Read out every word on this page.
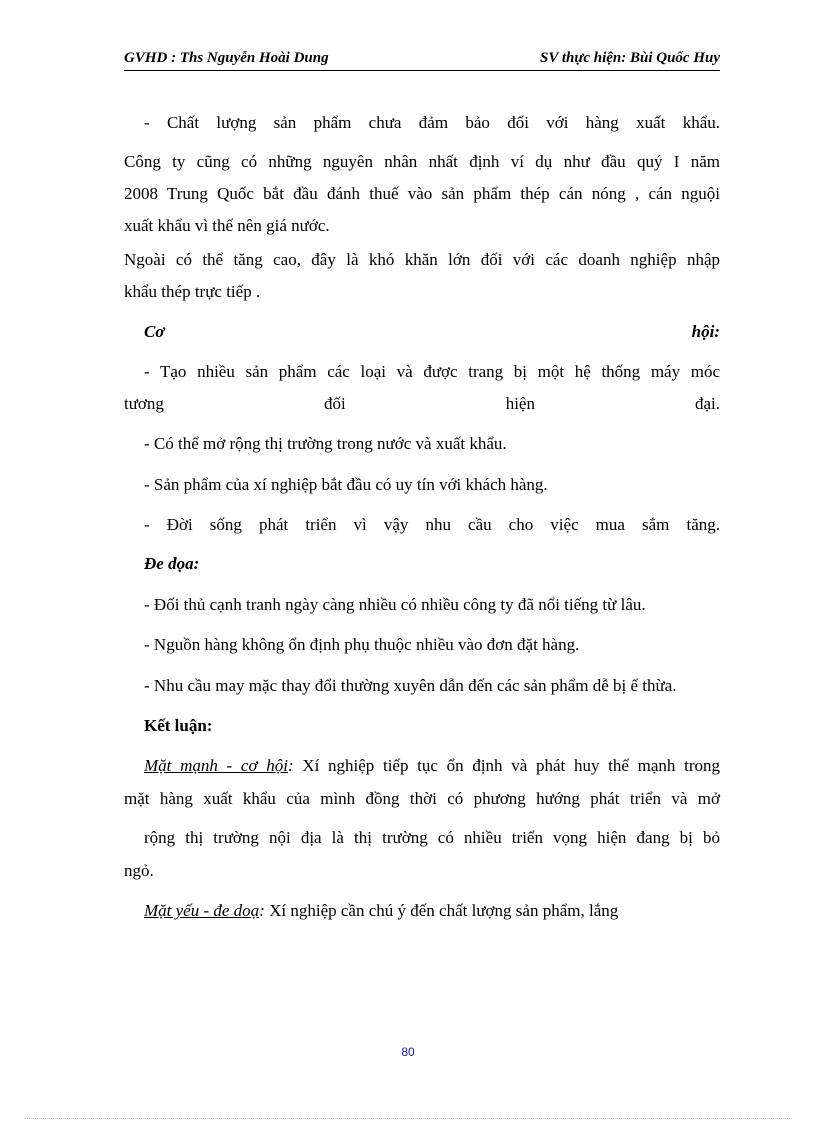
GVHD : Ths Nguyễn Hoài Dung	SV thực hiện: Bùi Quốc Huy
- Chất lượng sản phẩm chưa đảm bảo đối với hàng xuất khẩu.
Công ty cũng có những nguyên nhân nhất định ví dụ như đầu quý I năm
2008 Trung Quốc bắt đầu đánh thuế vào sản phẩm thép cán nóng , cán nguội
xuất khẩu vì thế nên giá nước.
Ngoài có thể tăng cao, đây là khó khăn lớn đối với các doanh nghiệp nhập
khẩu thép trực tiếp .
Cơ	hội:
- Tạo nhiều sản phẩm các loại và được trang bị một hệ thống máy móc
tương đối hiện đại.
- Có thể mở rộng thị trường trong nước và xuất khẩu.
- Sản phẩm của xí nghiệp bắt đầu có uy tín với khách hàng.
- Đời sống phát triển vì vậy nhu cầu cho việc mua sắm tăng.
Đe dọa:
- Đối thủ cạnh tranh ngày càng nhiều có nhiều công ty đã nổi tiếng từ lâu.
- Nguồn hàng không ổn định phụ thuộc nhiều vào đơn đặt hàng.
- Nhu cầu may mặc thay đổi thường xuyên dẫn đến các sản phẩm dễ bị ế thừa.
Kết luận:
Mặt mạnh - cơ hội: Xí nghiệp tiếp tục ổn định và phát huy thế mạnh trong
mặt hàng xuất khẩu của mình đồng thời có phương hướng phát triển và mở
rộng thị trường nội địa là thị trường có nhiều triển vọng hiện đang bị bỏ
ngỏ.
Mặt yếu - đe doạ: Xí nghiệp cần chú ý đến chất lượng sản phẩm, lắng
80
